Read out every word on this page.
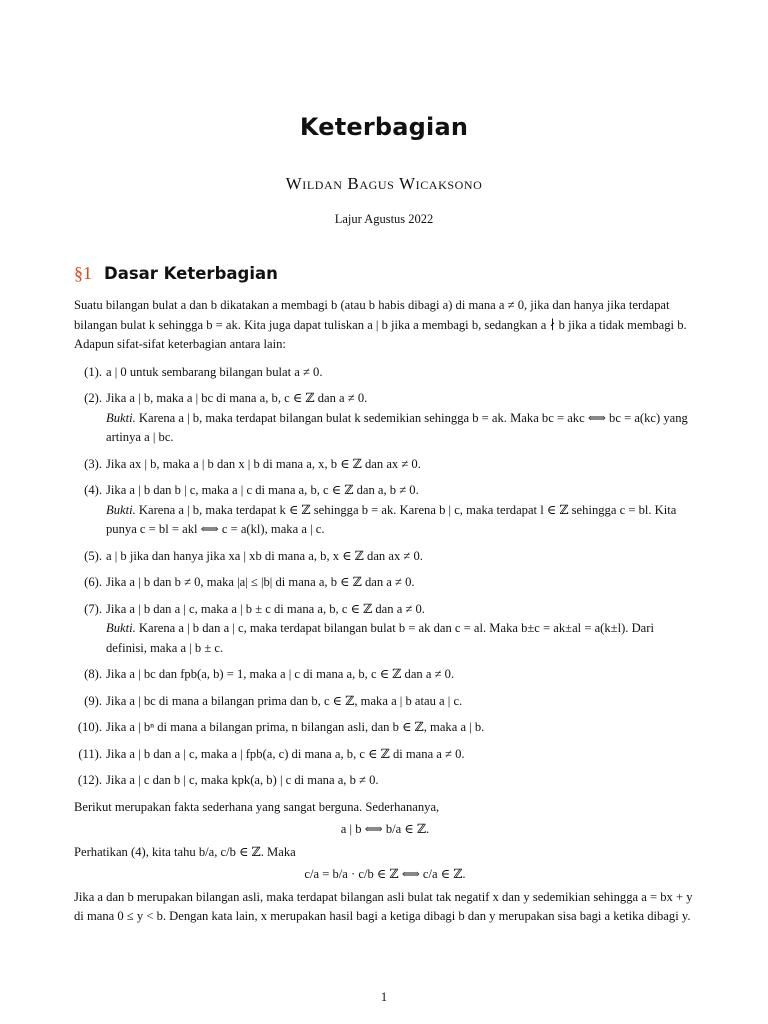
Keterbagian
Wildan Bagus Wicaksono
Lajur Agustus 2022
§1 Dasar Keterbagian

Suatu bilangan bulat a dan b dikatakan a membagi b (atau b habis dibagi a) di mana a ≠ 0, jika dan hanya jika terdapat bilangan bulat k sehingga b = ak. Kita juga dapat tuliskan a | b jika a membagi b, sedangkan a ∤ b jika a tidak membagi b. Adapun sifat-sifat keterbagian antara lain:

(1). a | 0 untuk sembarang bilangan bulat a ≠ 0.
(2). Jika a | b, maka a | bc di mana a, b, c ∈ ℤ dan a ≠ 0.
Bukti. Karena a | b, maka terdapat bilangan bulat k sedemikian sehingga b = ak. Maka bc = akc ⟺ bc = a(kc) yang artinya a | bc.
(3). Jika ax | b, maka a | b dan x | b di mana a, x, b ∈ ℤ dan ax ≠ 0.
(4). Jika a | b dan b | c, maka a | c di mana a, b, c ∈ ℤ dan a, b ≠ 0.
Bukti. Karena a | b, maka terdapat k ∈ ℤ sehingga b = ak. Karena b | c, maka terdapat l ∈ ℤ sehingga c = bl. Kita punya c = bl = akl ⟺ c = a(kl), maka a | c.
(5). a | b jika dan hanya jika xa | xb di mana a, b, x ∈ ℤ dan ax ≠ 0.
(6). Jika a | b dan b ≠ 0, maka |a| ≤ |b| di mana a, b ∈ ℤ dan a ≠ 0.
(7). Jika a | b dan a | c, maka a | b ± c di mana a, b, c ∈ ℤ dan a ≠ 0.
Bukti. Karena a | b dan a | c, maka terdapat bilangan bulat b = ak dan c = al. Maka b±c = ak±al = a(k±l). Dari definisi, maka a | b ± c.
(8). Jika a | bc dan fpb(a, b) = 1, maka a | c di mana a, b, c ∈ ℤ dan a ≠ 0.
(9). Jika a | bc di mana a bilangan prima dan b, c ∈ ℤ, maka a | b atau a | c.
(10). Jika a | bⁿ di mana a bilangan prima, n bilangan asli, dan b ∈ ℤ, maka a | b.
(11). Jika a | b dan a | c, maka a | fpb(a, c) di mana a, b, c ∈ ℤ di mana a ≠ 0.
(12). Jika a | c dan b | c, maka kpk(a, b) | c di mana a, b ≠ 0.

Berikut merupakan fakta sederhana yang sangat berguna. Sederhananya,

a | b ⟺ b/a ∈ ℤ.

Perhatikan (4), kita tahu b/a, c/b ∈ ℤ. Maka

c/a = b/a · c/b ∈ ℤ ⟺ c/a ∈ ℤ.

Jika a dan b merupakan bilangan asli, maka terdapat bilangan asli bulat tak negatif x dan y sedemikian sehingga a = bx + y di mana 0 ≤ y < b. Dengan kata lain, x merupakan hasil bagi a ketiga dibagi b dan y merupakan sisa bagi a ketika dibagi y.

1
